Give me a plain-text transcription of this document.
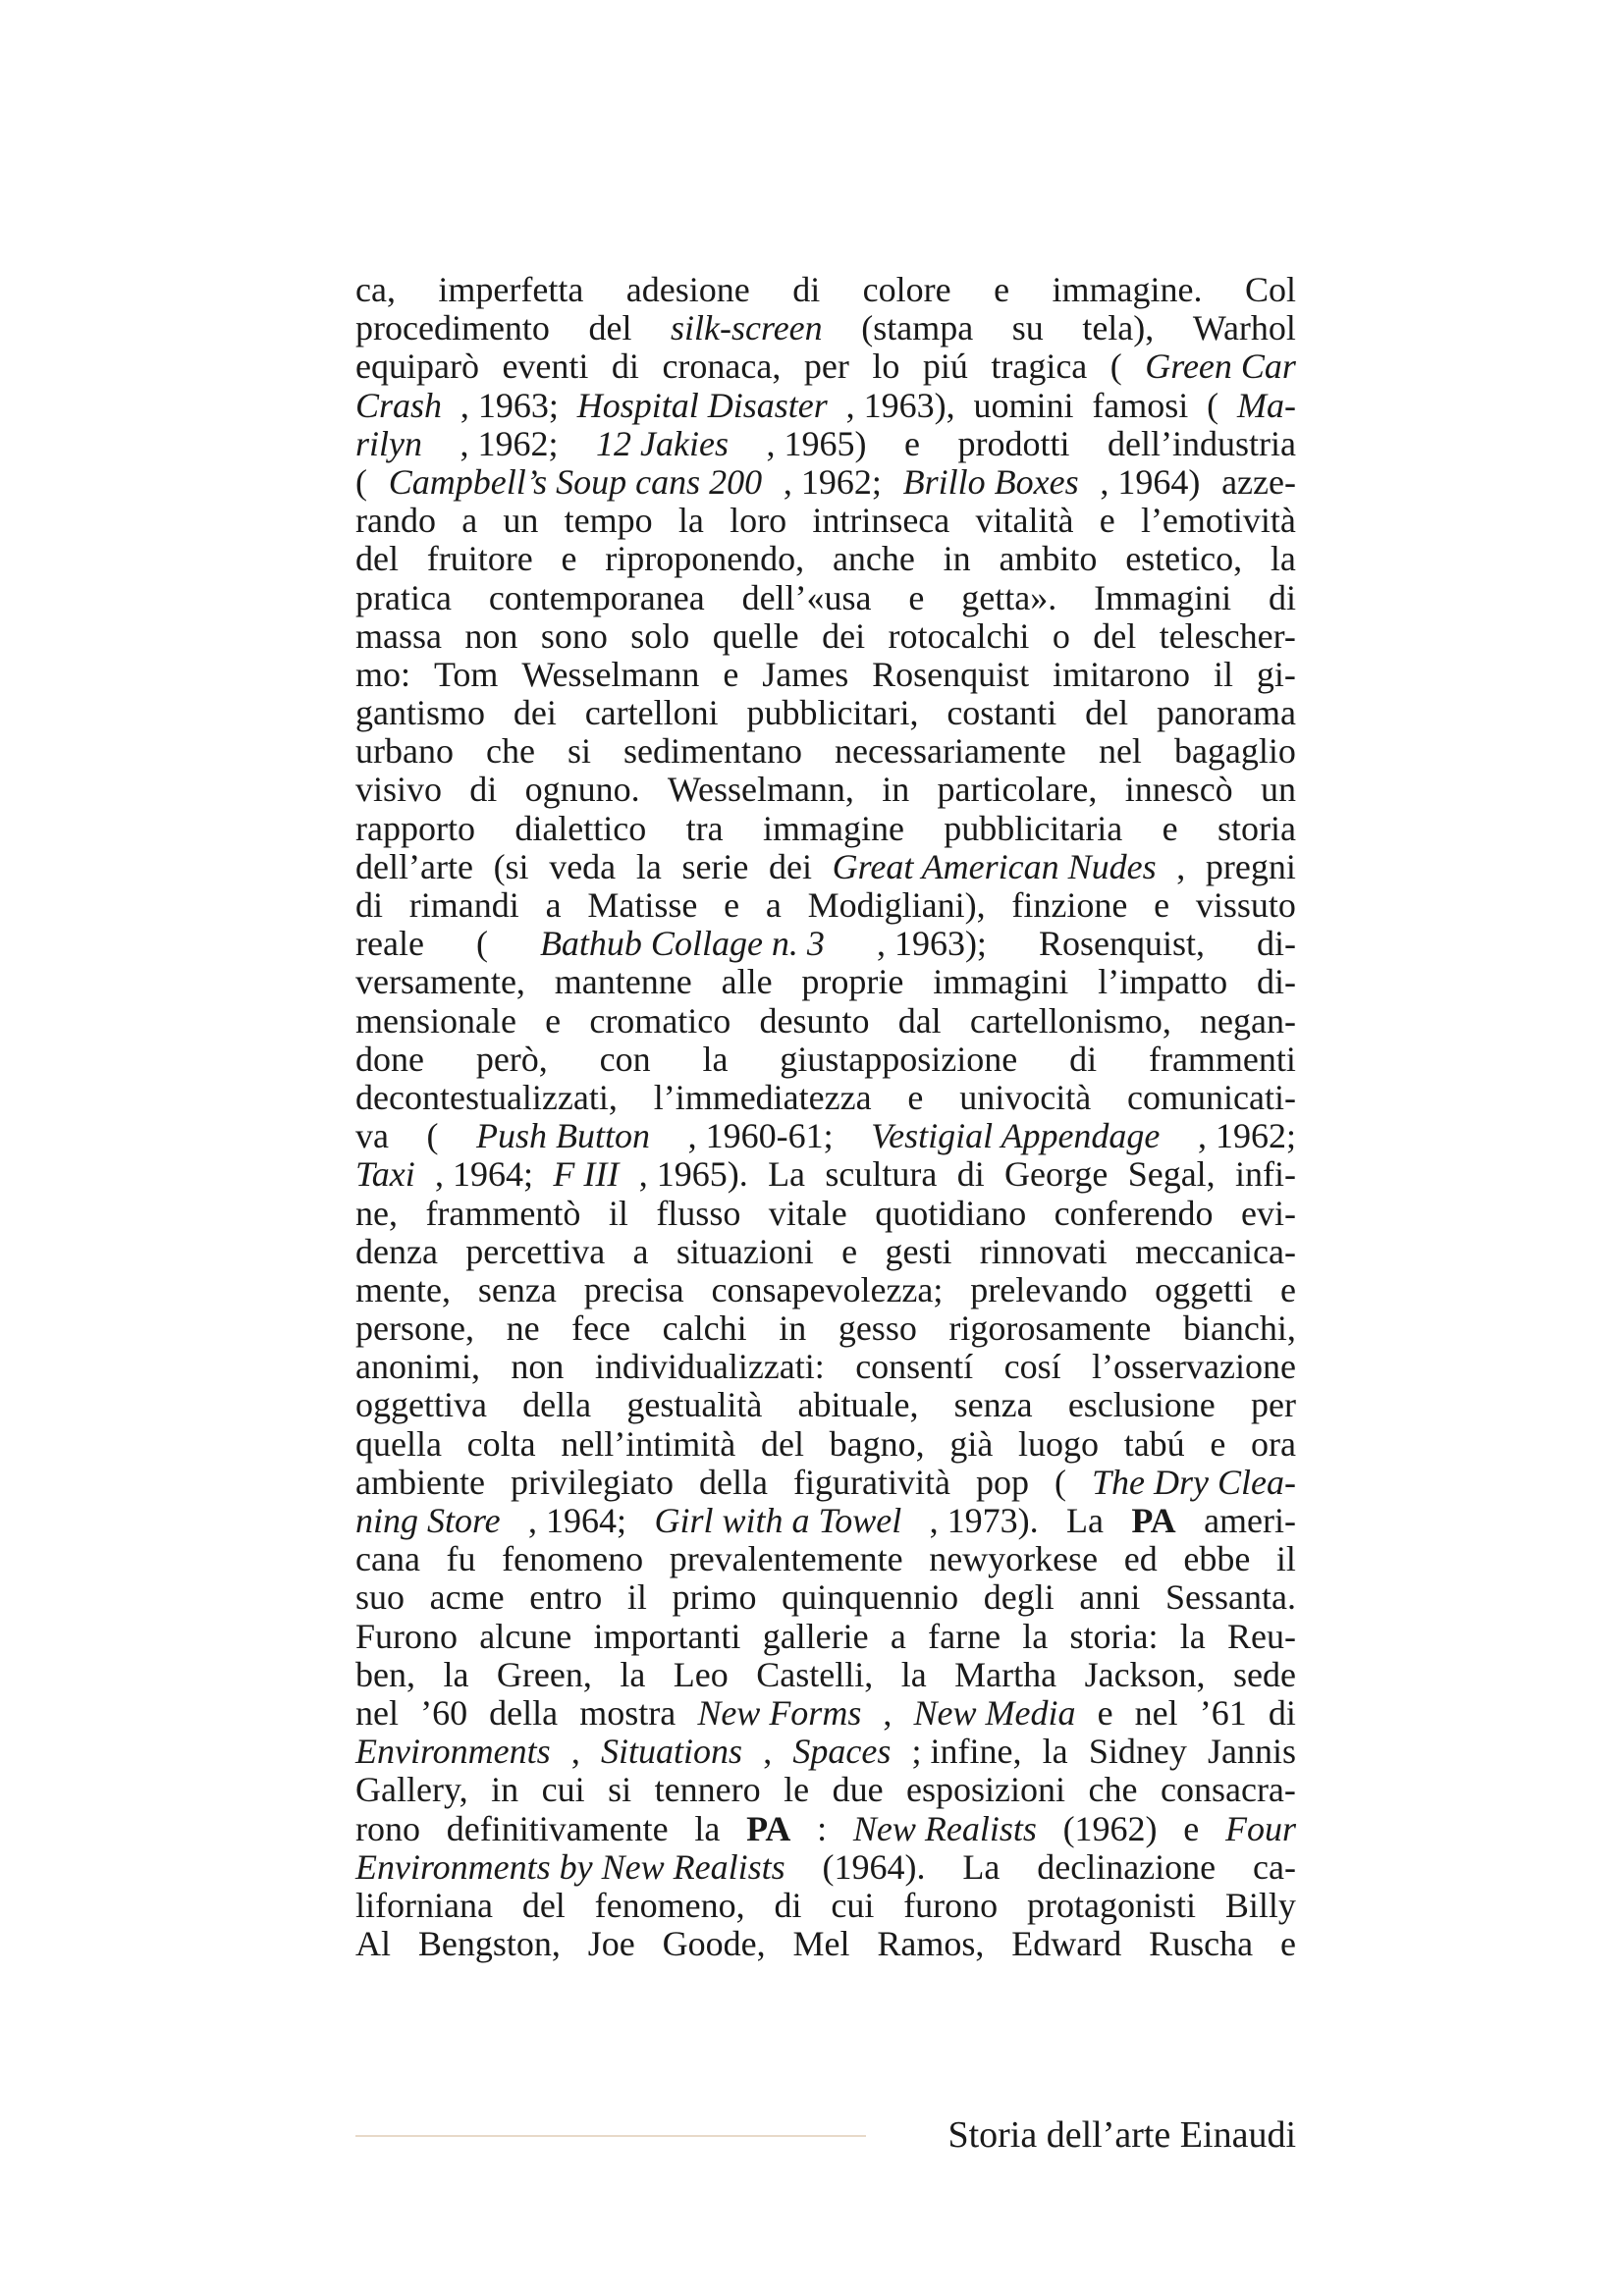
ca, imperfetta adesione di colore e immagine. Col
procedimento del silk-screen (stampa su tela), Warhol
equiparò eventi di cronaca, per lo piú tragica ( Green Car
Crash , 1963; Hospital Disaster , 1963), uomini famosi ( Ma-
rilyn , 1962; 12 Jakies , 1965) e prodotti dell’industria
( Campbell’s Soup cans 200 , 1962; Brillo Boxes , 1964) azze-
rando a un tempo la loro intrinseca vitalità e l’emotività
del fruitore e riproponendo, anche in ambito estetico, la
pratica contemporanea dell’«usa e getta». Immagini di
massa non sono solo quelle dei rotocalchi o del telescher-
mo: Tom Wesselmann e James Rosenquist imitarono il gi-
gantismo dei cartelloni pubblicitari, costanti del panorama
urbano che si sedimentano necessariamente nel bagaglio
visivo di ognuno. Wesselmann, in particolare, innescò un
rapporto dialettico tra immagine pubblicitaria e storia
dell’arte (si veda la serie dei Great American Nudes , pregni
di rimandi a Matisse e a Modigliani), finzione e vissuto
reale ( Bathub Collage n. 3 , 1963); Rosenquist, di-
versamente, mantenne alle proprie immagini l’impatto di-
mensionale e cromatico desunto dal cartellonismo, negan-
done però, con la giustapposizione di frammenti
decontestualizzati, l’immediatezza e univocità comunicati-
va ( Push Button , 1960-61; Vestigial Appendage , 1962;
Taxi , 1964; F III , 1965). La scultura di George Segal, infi-
ne, frammentò il flusso vitale quotidiano conferendo evi-
denza percettiva a situazioni e gesti rinnovati meccanica-
mente, senza precisa consapevolezza; prelevando oggetti e
persone, ne fece calchi in gesso rigorosamente bianchi,
anonimi, non individualizzati: consentí cosí l’osservazione
oggettiva della gestualità abituale, senza esclusione per
quella colta nell’intimità del bagno, già luogo tabú e ora
ambiente privilegiato della figuratività pop ( The Dry Clea-
ning Store , 1964; Girl with a Towel , 1973). La PA ameri-
cana fu fenomeno prevalentemente newyorkese ed ebbe il
suo acme entro il primo quinquennio degli anni Sessanta.
Furono alcune importanti gallerie a farne la storia: la Reu-
ben, la Green, la Leo Castelli, la Martha Jackson, sede
nel ’60 della mostra New Forms , New Media e nel ’61 di
Environments , Situations , Spaces ; infine, la Sidney Jannis
Gallery, in cui si tennero le due esposizioni che consacra-
rono definitivamente la PA : New Realists (1962) e Four
Environments by New Realists (1964). La declinazione ca-
liforniana del fenomeno, di cui furono protagonisti Billy
Al Bengston, Joe Goode, Mel Ramos, Edward Ruscha e
Storia dell’arte Einaudi
